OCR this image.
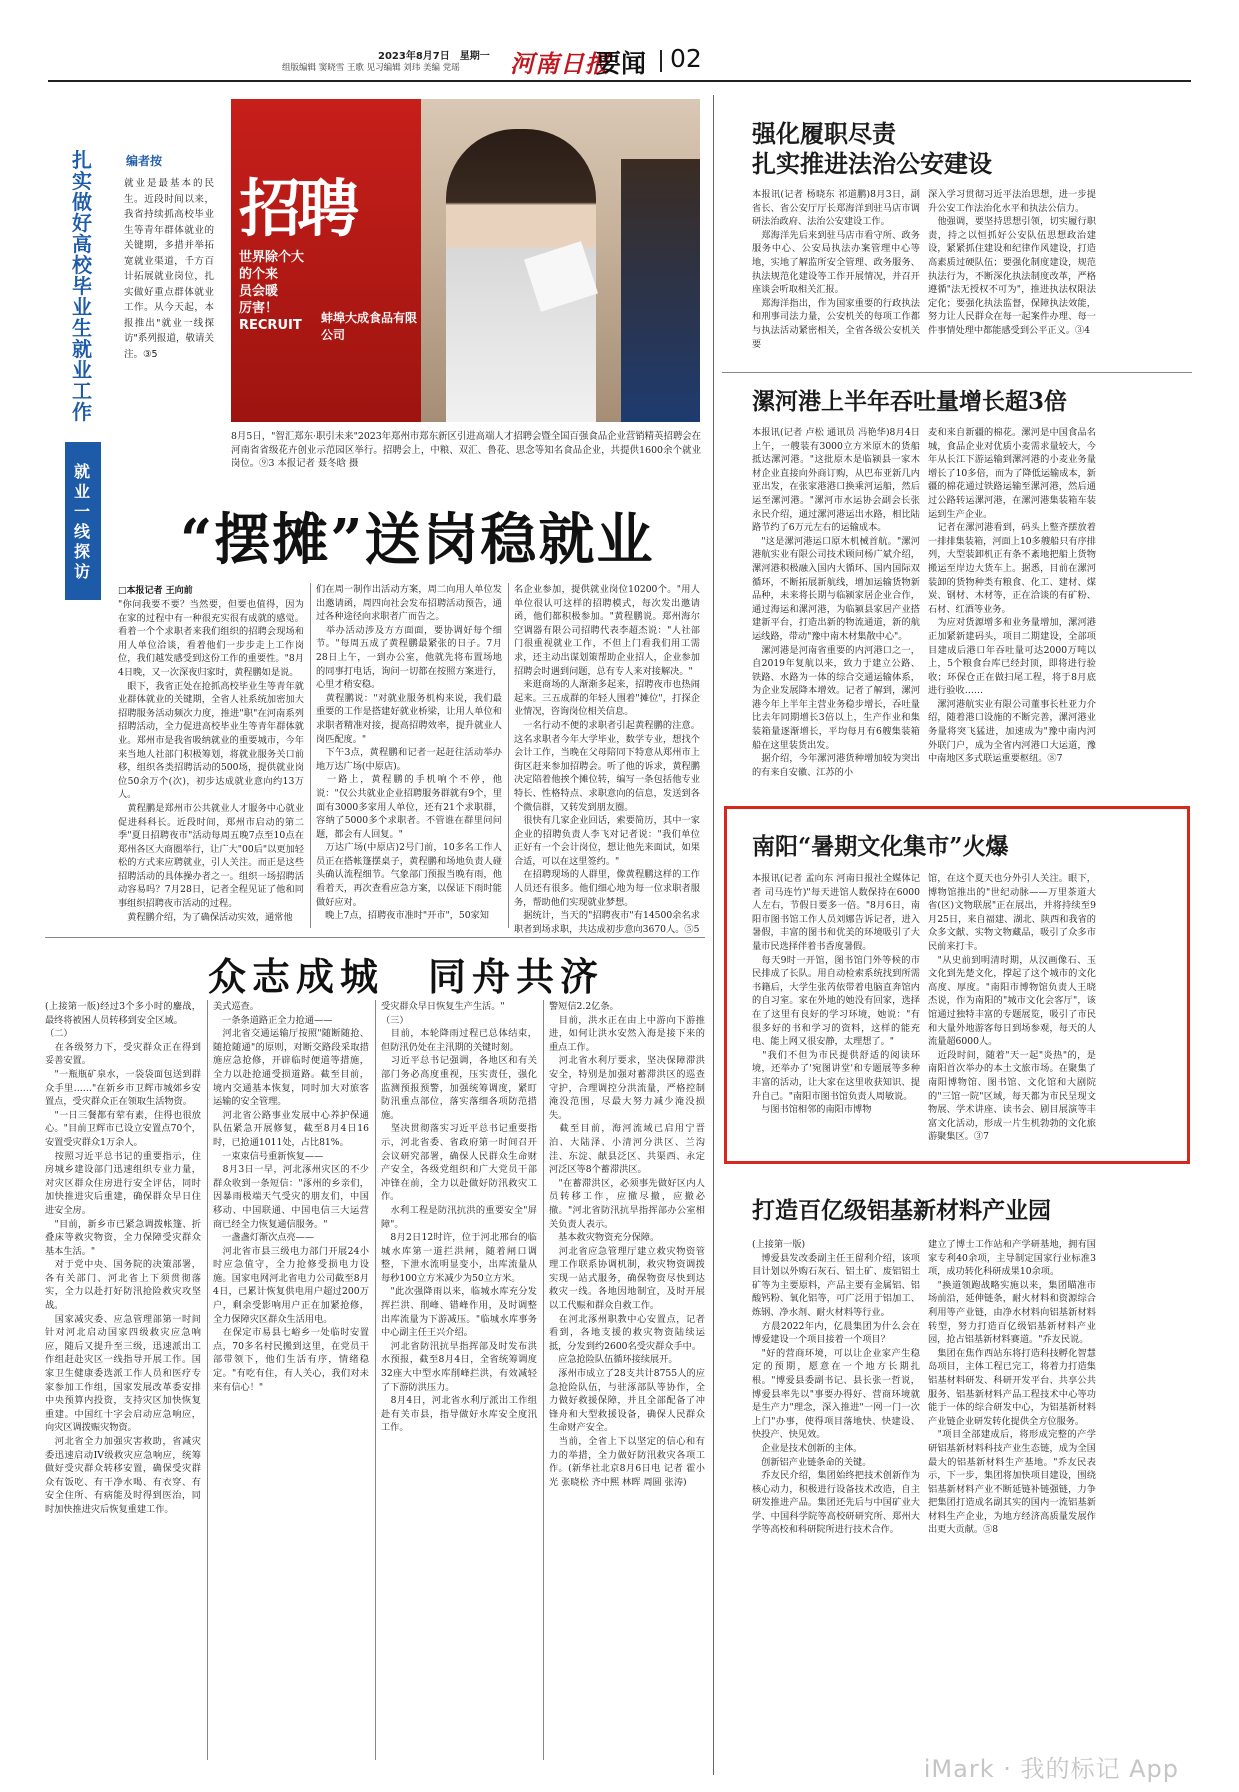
2023年8月7日　星期一
组版编辑 窦晓雪 王歌 见习编辑 刘玮 美编 党瑶 河南日报
要闻 02
扎实做好高校毕业生就业工作
就业一线探访
编者按
就业是最基本的民生。近段时间以来，我省持续抓高校毕业生等青年群体就业的关键期，多措并举拓宽就业渠道，千方百计拓展就业岗位，扎实做好重点群体就业工作。从今天起，本报推出"就业一线探访"系列报道，敬请关注。③5
招聘
世界除个大
的个来
员会暖
厉害！
RECRUIT 蚌埠大成食品有限公司
8月5日，"智汇郑东·职引未来"2023年郑州市郑东新区引进高端人才招聘会暨全国百强食品企业营销精英招聘会在河南省省级花卉创业示范园区举行。招聘会上，中粮、双汇、鲁花、思念等知名食品企业，共提供1600余个就业岗位。⑨3 本报记者 聂冬晗 摄
“摆摊”送岗稳就业
□本报记者 王向前
"你问我要不要？当然要，但要也值得，因为在家的过程中有一种很充实很有成就的感觉。看着一个个求职者来我们组织的招聘会现场和用人单位洽谈，看着他们一步步走上工作岗位，我们越发感受到这份工作的重要性。"8月4日晚，又一次深夜归家时，黄程鹏如是说。
　眼下，我省正处在抢抓高校毕业生等青年就业群体就业的关键期，全省人社系统加密加大招聘服务活动频次力度，推进"职"在河南系列招聘活动，全力促进高校毕业生等青年群体就业。郑州市是我省吸纳就业的重要城市，今年来当地人社部门积极筹划，将就业服务关口前移，组织各类招聘活动的500场，提供就业岗位50余万个(次)，初步达成就业意向约13万人。
　黄程鹏是郑州市公共就业人才服务中心就业促进科科长。近段时间，郑州市启动的第二季"夏日招聘夜市"活动每周五晚7点至10点在郑州各区大商圈举行，让广大"00后"以更加轻松的方式来应聘就业，引人关注。而正是这些招聘活动的具体操办者之一。组织一场招聘活动容易吗？7月28日，记者全程见证了他和同事组织招聘夜市活动的过程。
　黄程鹏介绍，为了确保活动实效，通常他
们在周一制作出活动方案，周二向用人单位发出邀请函，周四向社会发布招聘活动预告，通过各种途径向求职者广而告之。
　举办活动涉及方方面面，要协调好每个细节。"每周五成了黄程鹏最紧张的日子。7月28日上午，一到办公室，他就先将布置场地的同事打电话，询问一切都在按照方案进行，心里才稍安稳。
　黄程鹏说："对就业服务机构来说，我们最重要的工作是搭建好就业桥梁，让用人单位和求职者精准对接，提高招聘效率，提升就业人岗匹配度。"
　下午3点，黄程鹏和记者一起赶往活动举办地万达广场(中原店)。
　一路上，黄程鹏的手机响个不停，他说："仅公共就业企业招聘服务群就有9个，里面有3000多家用人单位，还有21个求职群，容纳了5000多个求职者。不管谁在群里问问题，都会有人回复。"
　万达广场(中原店)2号门前，10多名工作人员正在搭帐篷摆桌子，黄程鹏和场地负责人碰头确认流程细节。气象部门预报当晚有雨，他看着天，再次查看应急方案，以保证下雨时能做好应对。
　晚上7点，招聘夜市准时"开市"，50家知
名企业参加，提供就业岗位10200个。"用人单位很认可这样的招聘模式，每次发出邀请函，他们都积极参加。"黄程鹏说。郑州海尔空调器有限公司招聘代表李超杰说："人社部门很重视就业工作，不但上门看我们用工需求，还主动出谋划策帮助企业招人，企业参加招聘会时遇到问题，总有专人来对接解决。"
　来逛商场的人渐渐多起来，招聘夜市也热闹起来。三五成群的年轻人围着"摊位"，打探企业情况，咨询岗位相关信息。
　一名行动不便的求职者引起黄程鹏的注意。这名求职者今年大学毕业，数学专业，想找个会计工作，当晚在父母陪同下特意从郑州市上街区赶来参加招聘会。听了他的诉求，黄程鹏决定陪着他挨个摊位转，编写一条包括他专业特长、性格特点、求职意向的信息，发送到各个微信群，又转发到朋友圈。
　很快有几家企业回话，索要简历，其中一家企业的招聘负责人李飞对记者说："我们单位正好有一个会计岗位，想让他先来面试，如果合适，可以在这里签约。"
　在招聘现场的人群里，像黄程鹏这样的工作人员还有很多。他们细心地为每一位求职者服务，帮助他们实现就业梦想。
　据统计，当天的"招聘夜市"有14500余名求职者到场求职，共达成初步意向3670人。⑤5
众志成城　同舟共济
(上接第一版)经过3个多小时的鏖战，最终将被困人员转移到安全区域。
（二）
　在各级努力下，受灾群众正在得到妥善安置。
　"一瓶瓶矿泉水，一袋袋面包送到群众手里……"在新乡市卫辉市城郊乡安置点，受灾群众正在领取生活物资。
　"一日三餐都有荤有素，住得也很放心。"目前卫辉市已设立安置点70个，安置受灾群众1万余人。
　按照习近平总书记的重要指示，住房城乡建设部门迅速组织专业力量，对灾区群众住房进行安全评估，同时加快推进灾后重建，确保群众早日住进安全房。
　"目前，新乡市已紧急调拨帐篷、折叠床等救灾物资，全力保障受灾群众基本生活。"
　对于党中央、国务院的决策部署，各有关部门、河北省上下须贯彻落实，全力以赴打好防汛抢险救灾攻坚战。
　国家减灾委、应急管理部第一时间针对河北启动国家四级救灾应急响应，随后又提升至三级，迅速派出工作组赶赴灾区一线指导开展工作。国家卫生健康委选派工作人员和医疗专家参加工作组，国家发展改革委安排中央预算内投资，支持灾区加快恢复重建。中国红十字会启动应急响应，向灾区调拨赈灾物资。
　河北省全力加强灾害救助，省减灾委迅速启动IV级救灾应急响应，统筹做好受灾群众转移安置，确保受灾群众有饭吃、有干净水喝、有衣穿、有安全住所、有病能及时得到医治，同时加快推进灾后恢复重建工作。
美式巡查。
　一条条道路正全力抢通——
　河北省交通运输厅按照"随断随抢、随抢随通"的原则，对断交路段采取措施应急抢修，开辟临时便道等措施，全力以赴抢通受损道路。截至目前，境内交通基本恢复，同时加大对旅客运输的安全管理。
　河北省公路事业发展中心养护保通队伍紧急开展修复，截至8月4日16时，已抢通1011处，占比81%。
　一束束信号重新恢复——
　8月3日一早，河北涿州灾区的不少群众收到一条短信："涿州的乡亲们，因暴雨极端天气受灾的朋友们，中国移动、中国联通、中国电信三大运营商已经全力恢复通信服务。"
　一盏盏灯渐次点亮——
　河北省市县三级电力部门开展24小时应急值守，全力抢修受损电力设施。国家电网河北省电力公司截至8月4日，已累计恢复供电用户超过200万户，剩余受影响用户正在加紧抢修，全力保障灾区群众生活用电。
　在保定市易县七峪乡一处临时安置点，70多名村民搬到这里，在党员干部带领下，他们生活有序，情绪稳定。"有吃有住，有人关心，我们对未来有信心！"
受灾群众早日恢复生产生活。"
（三）
　目前，本轮降雨过程已总体结束，但防汛仍处在主汛期的关键时刻。
　习近平总书记强调，各地区和有关部门务必高度重视，压实责任，强化监测预报预警，加强统筹调度，紧盯防汛重点部位，落实落细各项防范措施。
　坚决贯彻落实习近平总书记重要指示，河北省委、省政府第一时间召开会议研究部署，确保人民群众生命财产安全，各级党组织和广大党员干部冲锋在前，全力以赴做好防汛救灾工作。
　水利工程是防汛抗洪的重要安全"屏障"。
　8月2日12时许，位于河北邢台的临城水库第一道拦洪闸，随着闸口调整，下泄水流明显变小，出库流量从每秒100立方米减少为50立方米。
　"此次强降雨以来，临城水库充分发挥拦洪、削峰、错峰作用，及时调整出库流量为下游减压。"临城水库事务中心副主任王兴介绍。
　河北省防汛抗旱指挥部及时发布洪水预报，截至8月4日，全省统筹调度32座大中型水库削峰拦洪，有效减轻了下游防洪压力。
　8月4日，河北省水利厅派出工作组赴有关市县，指导做好水库安全度汛工作。
警短信2.2亿条。
　目前，洪水正在由上中游向下游推进，如何让洪水安然入海是接下来的重点工作。
　河北省水利厅要求，坚决保障滞洪安全，特别是加强对蓄滞洪区的巡查守护，合理调控分洪流量，严格控制淹没范围，尽最大努力减少淹没损失。
　截至目前，海河流域已启用宁晋泊、大陆泽、小清河分洪区、兰沟洼、东淀、献县泛区、共渠西、永定河泛区等8个蓄滞洪区。
　"在蓄滞洪区，必须事先做好区内人员转移工作，应撤尽撤，应撤必撤。"河北省防汛抗旱指挥部办公室相关负责人表示。
　基本救灾物资充分保障。
　河北省应急管理厅建立救灾物资管理工作联系协调机制，救灾物资调拨实现一站式服务，确保物资尽快到达救灾一线。各地因地制宜，及时开展以工代赈和群众自救工作。
　在河北涿州职教中心安置点，记者看到，各地支援的救灾物资陆续运抵，分发到约2600名受灾群众手中。
　应急抢险队伍循环接续展开。
　涿州市成立了28支共计8755人的应急抢险队伍，与驻涿部队等协作，全力做好救援保障，并且全部配备了冲锋舟和大型救援设备，确保人民群众生命财产安全。
　当前，全省上下以坚定的信心和有力的举措，全力做好防汛救灾各项工作。(新华社北京8月6日电 记者 霍小光 张晓松 齐中熙 林晖 周圆 张涛)
强化履职尽责
扎实推进法治公安建设
本报讯(记者 杨晓东 祁道鹏)8月3日，副省长、省公安厅厅长郑海洋到驻马店市调研法治政府、法治公安建设工作。
　郑海洋先后来到驻马店市看守所、政务服务中心、公安局执法办案管理中心等地，实地了解监所安全管理、政务服务、执法规范化建设等工作开展情况，并召开座谈会听取相关汇报。
　郑海洋指出，作为国家重要的行政执法和刑事司法力量，公安机关的每项工作都与执法活动紧密相关，全省各级公安机关要
深入学习贯彻习近平法治思想，进一步提升公安工作法治化水平和执法公信力。
　他强调，要坚持思想引领，切实履行职责，持之以恒抓好公安队伍思想政治建设，紧紧抓住建设和纪律作风建设，打造高素质过硬队伍；要强化制度建设，规范执法行为，不断深化执法制度改革，严格遵循"法无授权不可为"，推进执法权限法定化；要强化执法监督，保障执法效能，努力让人民群众在每一起案件办理、每一件事情处理中都能感受到公平正义。③4
漯河港上半年吞吐量增长超3倍
本报讯(记者 卢松 通讯员 冯艳华)8月4日上午，一艘装有3000立方米原木的货船抵达漯河港。"这批原木是临颍县一家木材企业直接向外商订购，从巴布亚新几内亚出发，在张家港港口换乘河运船，然后运至漯河港。"漯河市水运协会副会长张永民介绍，通过漯河港运出水路，相比陆路节约了6万元左右的运输成本。
　"这是漯河港运口原木机械首航。"漯河港航实业有限公司技术顾问杨广斌介绍，漯河港积极融入国内大循环、国内国际双循环，不断拓展新航线，增加运输货物新品种，未来将长期与临颍家居企业合作，通过海运和漯河港，为临颍县家居产业搭建新平台，打造出新的物流通道，新的航运线路，带动"豫中南木材集散中心"。
　漯河港是河南省重要的内河港口之一，自2019年复航以来，致力于建立公路、铁路、水路为一体的综合交通运输体系，为企业发展降本增效。记者了解到，漯河港今年上半年主营业务稳步增长，吞吐量比去年同期增长3倍以上，生产作业和集装箱量逐渐增长，平均每月有6艘集装箱船在这里装货出发。
　据介绍，今年漯河港货种增加较为突出的有来自安徽、江苏的小
麦和来自新疆的棉花。漯河是中国食品名城，食品企业对优质小麦需求量较大，今年从长江下游运输到漯河港的小麦业务量增长了10多倍，而为了降低运输成本，新疆的棉花通过铁路运输至漯河港，然后通过公路转运漯河港，在漯河港集装箱车装运到生产企业。
　记者在漯河港看到，码头上整齐摆放着一排排集装箱，河面上10多艘船只有序排列，大型装卸机正有条不紊地把船上货物搬运至岸边大货车上。据悉，目前在漯河装卸的货物种类有粮食、化工、建材、煤炭、钢材、木材等，正在洽谈的有矿粉、石材、红酒等业务。
　为应对货源增多和业务量增加，漯河港正加紧新建码头，项目二期建设，全部项目建成后港口年吞吐量可达2000万吨以上，5个粮食台库已经封顶，即将进行验收；环保仓正在做扫尾工程，将于8月底进行验收……
　漯河港航实业有限公司董事长杜亚力介绍，随着港口设施的不断完善，漯河港业务量将突飞猛进，加速成为"豫中南内河外联门户，成为全省内河港口大运道，豫中南地区多式联运重要枢纽。⑧7
南阳“暑期文化集市”火爆
本报讯(记者 孟向东 河南日报社全媒体记者 司马连竹)"每天进馆人数保持在6000人左右，节假日要多一倍。"8月6日，南阳市图书馆工作人员刘娜告诉记者，进入暑假，丰富的图书和优美的环境吸引了大量市民选择伴着书香度暑假。
　每天9时一开馆，图书馆门外等候的市民排成了长队。用自动检索系统找到所需书籍后，大学生张芮依带着电脑直奔馆内的自习室。家在外地的她没有回家，选择在了这里有良好的学习环境，她说："有很多好的书和学习的资料，这样的能充电、能上网又很安静，太理想了。"
　"我们不但为市民提供舒适的阅读环境，还举办了'宛图讲堂'和专题展等多种丰富的活动，让大家在这里收获知识、提升自己。"南阳市图书馆负责人周敏说。
　与图书馆相邻的南阳市博物
馆，在这个夏天也分外引人关注。眼下，博物馆推出的"世纪动脉——万里茶道大省(区)文物联展"正在展出，并将持续至9月25日，来自福建、湖北、陕西和我省的众多文献、实物文物藏品，吸引了众多市民前来打卡。
　"从史前到明清时期，从汉画像石、玉文化到先楚文化，撑起了这个城市的文化高度、厚度。"南阳市博物馆负责人王晓杰说，作为南阳的"城市文化会客厅"，该馆通过独特丰富的专题展览，吸引了市民和大量外地游客每日到场参观，每天的人流量超6000人。
　近段时间，随着"天一起"炎热"的，是南阳首次举办的本土文旅市场。在聚集了南阳博物馆、图书馆、文化馆和大剧院的"三馆一院"区域，每天都为市民呈现文物展、学术讲座、读书会、剧目展演等丰富文化活动，形成一片生机勃勃的文化旅游聚集区。③7
打造百亿级铝基新材料产业园
(上接第一版)
　博爱县发改委副主任王留利介绍，该项目计划以外购石灰石、铝土矿、废铝铝土矿等为主要原料，产品主要有金属铝、铝酸钙粉、氧化铝等，可广泛用于铝加工、炼钢、净水剂、耐火材料等行业。
　方晨2022年内，亿晨集团为什么会在博爱建设一个项目接着一个项目？
　"好的营商环境，可以让企业家产生稳定的预期，愿意在一个地方长期扎根。"博爱县委副书记、县长张一哲说，博爱县率先以"事要办得好、营商环境就是生产力"理念，深入推进"一网一门一次上门"办事，使得项目落地快、快建设、快投产、快见效。
　企业是技术创新的主体。
　创新铝产业链条命的关键。
　乔友民介绍，集团始终把技术创新作为核心动力，积极进行设备技术改造，自主研发推进产品。集团还先后与中国矿业大学、中国科学院等高校研研究所、郑州大学等高校和科研院所进行技术合作。
建立了博士工作站和产学研基地，拥有国家专利40余项，主导制定国家行业标准3项，成功转化科研成果10余项。
　"换道领跑战略实施以来，集团瞄准市场前沿，延伸链条，耐火材料和资源综合利用等产业链，由净水材料向铝基新材料转型，努力打造百亿级铝基新材料产业园，抢占铝基新材料赛道。"乔友民说。
　集团在焦作西站东将打造科技孵化智慧岛项目，主体工程已完工，将着力打造集铝基材料研发、科研开发平台、共享公共服务、铝基新材料产品工程技术中心等功能于一体的综合研发中心，为铝基新材料产业链企业研发转化提供全方位服务。
　"项目全部建成后，将形成完整的产学研铝基新材料科技产业生态链，成为全国最大的铝基新材料生产基地。"乔友民表示，下一步，集团将加快项目建设，围绕铝基新材料产业不断延链补链强链，力争把集团打造成名副其实的国内一流铝基新材料生产企业，为地方经济高质量发展作出更大贡献。⑤8
iMark · 我的标记 App
